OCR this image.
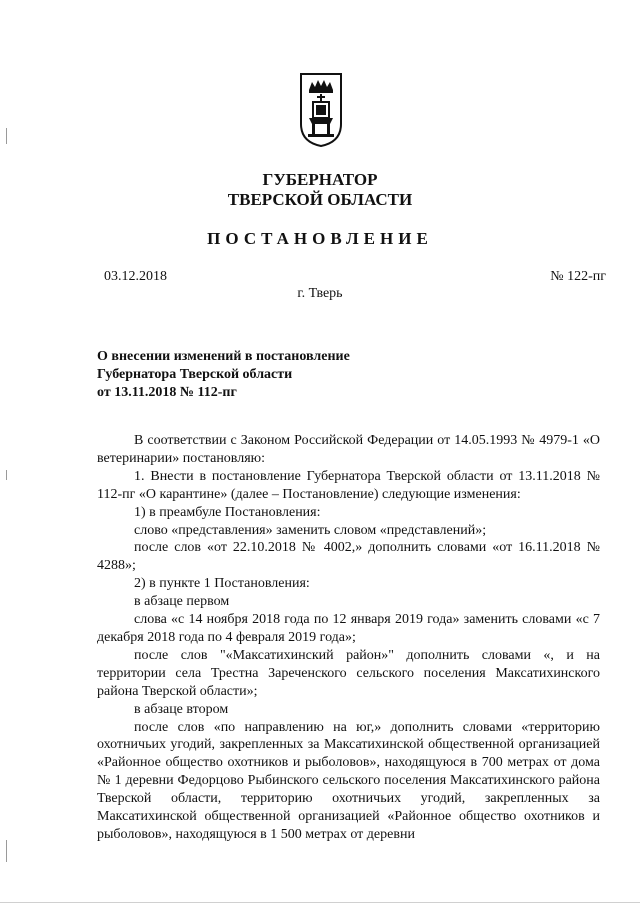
ГУБЕРНАТОР
ТВЕРСКОЙ ОБЛАСТИ
ПОСТАНОВЛЕНИЕ
03.12.2018	№ 122-пг
г. Тверь
О внесении изменений в постановление
Губернатора Тверской области
от 13.11.2018 № 112-пг

В соответствии с Законом Российской Федерации от 14.05.1993 № 4979-1 «О ветеринарии» постановляю:

1. Внести в постановление Губернатора Тверской области от 13.11.2018 № 112-пг «О карантине» (далее – Постановление) следующие изменения:

1) в преамбуле Постановления:

слово «представления» заменить словом «представлений»;

после слов «от 22.10.2018 № 4002,» дополнить словами «от 16.11.2018 № 4288»;

2) в пункте 1 Постановления:

в абзаце первом

слова «с 14 ноября 2018 года по 12 января 2019 года» заменить словами «с 7 декабря 2018 года по 4 февраля 2019 года»;

после слов "«Максатихинский район»" дополнить словами «, и на территории села Трестна Зареченского сельского поселения Максатихинского района Тверской области»;

в абзаце втором

после слов «по направлению на юг,» дополнить словами «территорию охотничьих угодий, закрепленных за Максатихинской общественной организацией «Районное общество охотников и рыболовов», находящуюся в 700 метрах от дома № 1 деревни Федорцово Рыбинского сельского поселения Максатихинского района Тверской области, территорию охотничьих угодий, закрепленных за Максатихинской общественной организацией «Районное общество охотников и рыболовов», находящуюся в 1 500 метрах от деревни
